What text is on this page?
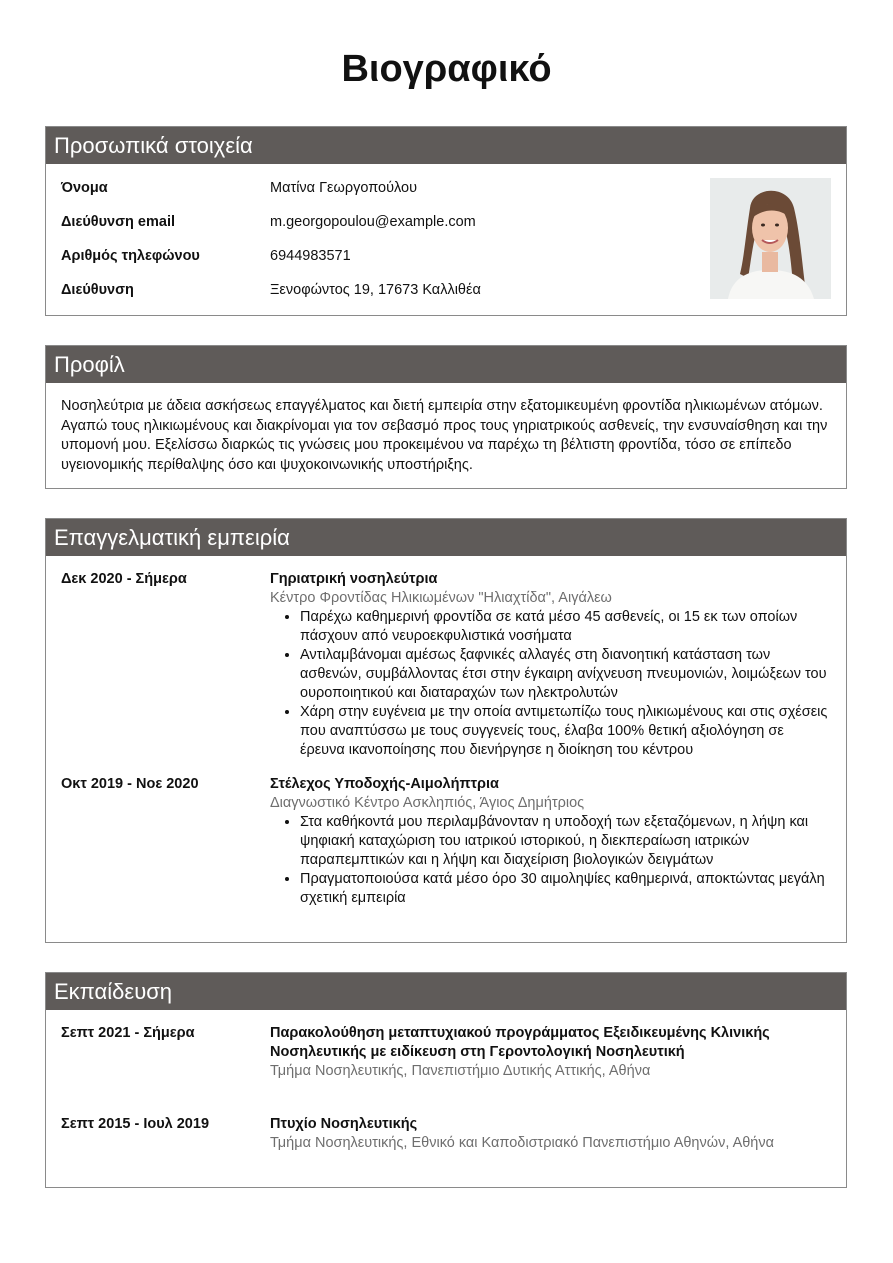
Βιογραφικό
Προσωπικά στοιχεία
Όνομα	Ματίνα Γεωργοπούλου
Διεύθυνση email	m.georgopoulou@example.com
Αριθμός τηλεφώνου	6944983571
Διεύθυνση	Ξενοφώντος 19, 17673 Καλλιθέα
Προφίλ
Νοσηλεύτρια με άδεια ασκήσεως επαγγέλματος και διετή εμπειρία στην εξατομικευμένη φροντίδα ηλικιωμένων ατόμων. Αγαπώ τους ηλικιωμένους και διακρίνομαι για τον σεβασμό προς τους γηριατρικούς ασθενείς, την ενσυναίσθηση και την υπομονή μου. Εξελίσσω διαρκώς τις γνώσεις μου προκειμένου να παρέχω τη βέλτιστη φροντίδα, τόσο σε επίπεδο υγειονομικής περίθαλψης όσο και ψυχοκοινωνικής υποστήριξης.
Επαγγελματική εμπειρία
Δεκ 2020 - Σήμερα	Γηριατρική νοσηλεύτρια
Κέντρο Φροντίδας Ηλικιωμένων "Ηλιαχτίδα", Αιγάλεω
• Παρέχω καθημερινή φροντίδα σε κατά μέσο 45 ασθενείς, οι 15 εκ των οποίων πάσχουν από νευροεκφυλιστικά νοσήματα
• Αντιλαμβάνομαι αμέσως ξαφνικές αλλαγές στη διανοητική κατάσταση των ασθενών, συμβάλλοντας έτσι στην έγκαιρη ανίχνευση πνευμονιών, λοιμώξεων του ουροποιητικού και διαταραχών των ηλεκτρολυτών
• Χάρη στην ευγένεια με την οποία αντιμετωπίζω τους ηλικιωμένους και στις σχέσεις που αναπτύσσω με τους συγγενείς τους, έλαβα 100% θετική αξιολόγηση σε έρευνα ικανοποίησης που διενήργησε η διοίκηση του κέντρου
Οκτ 2019 - Νοε 2020	Στέλεχος Υποδοχής-Αιμολήπτρια
Διαγνωστικό Κέντρο Ασκληπιός, Άγιος Δημήτριος
• Στα καθήκοντά μου περιλαμβάνονταν η υποδοχή των εξεταζόμενων, η λήψη και ψηφιακή καταχώριση του ιατρικού ιστορικού, η διεκπεραίωση ιατρικών παραπεμπτικών και η λήψη και διαχείριση βιολογικών δειγμάτων
• Πραγματοποιούσα κατά μέσο όρο 30 αιμοληψίες καθημερινά, αποκτώντας μεγάλη σχετική εμπειρία
Εκπαίδευση
Σεπτ 2021 - Σήμερα	Παρακολούθηση μεταπτυχιακού προγράμματος Εξειδικευμένης Κλινικής Νοσηλευτικής με ειδίκευση στη Γεροντολογική Νοσηλευτική
Τμήμα Νοσηλευτικής, Πανεπιστήμιο Δυτικής Αττικής, Αθήνα
Σεπτ 2015 - Ιουλ 2019	Πτυχίο Νοσηλευτικής
Τμήμα Νοσηλευτικής, Εθνικό και Καποδιστριακό Πανεπιστήμιο Αθηνών, Αθήνα
